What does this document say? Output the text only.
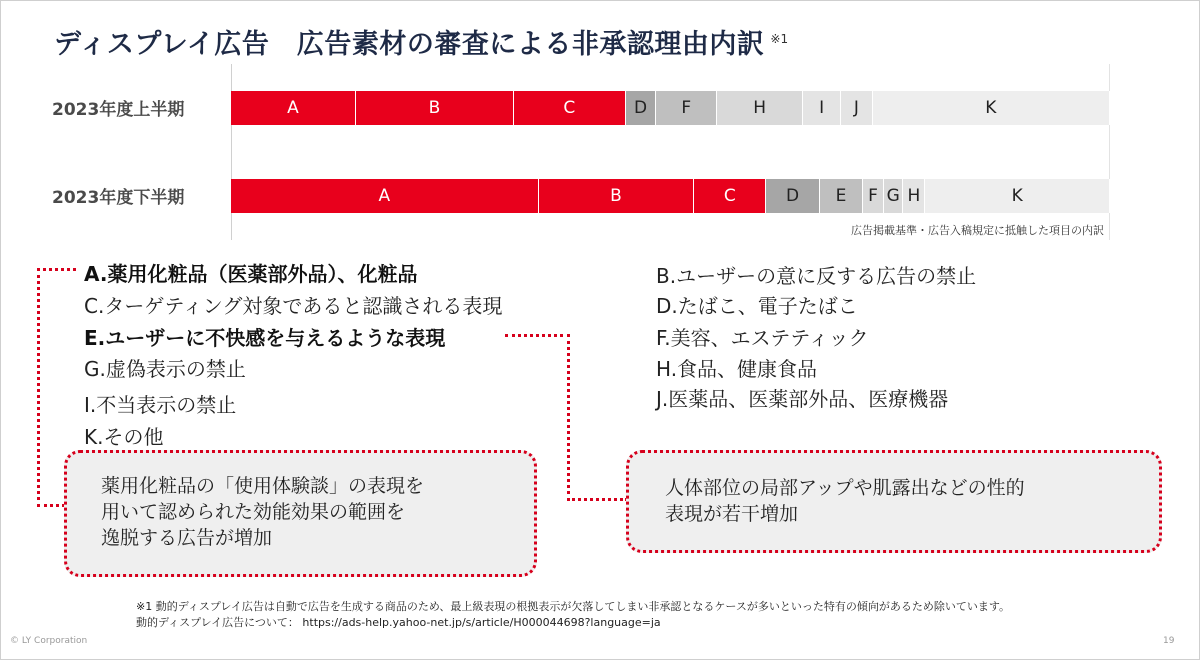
ディスプレイ広告　広告素材の審査による非承認理由内訳 $^{※1}$
2023年度上半期
2023年度下半期
A	B	C	D F	H	I J	K
A	B	C	D E F G H	K
広告掲載基準・広告入稿規定に抵触した項目の内訳
A.薬用化粧品（医薬部外品）、化粧品
C.ターゲティング対象であると認識される表現
E.ユーザーに不快感を与えるような表現
G.虚偽表示の禁止
I.不当表示の禁止
K.その他
B.ユーザーの意に反する広告の禁止
D.たばこ、電子たばこ
F.美容、エステティック
H.食品、健康食品
J.医薬品、医薬部外品、医療機器
薬用化粧品の「使用体験談」の表現を
用いて認められた効能効果の範囲を
逸脱する広告が増加
人体部位の局部アップや肌露出などの性的
表現が若干増加
※1 動的ディスプレイ広告は自動で広告を生成する商品のため、最上級表現の根拠表示が欠落してしまい非承認となるケースが多いといった特有の傾向があるため除いています。
動的ディスプレイ広告について： https://ads-help.yahoo-net.jp/s/article/H000044698?language=ja
© LY Corporation	19
